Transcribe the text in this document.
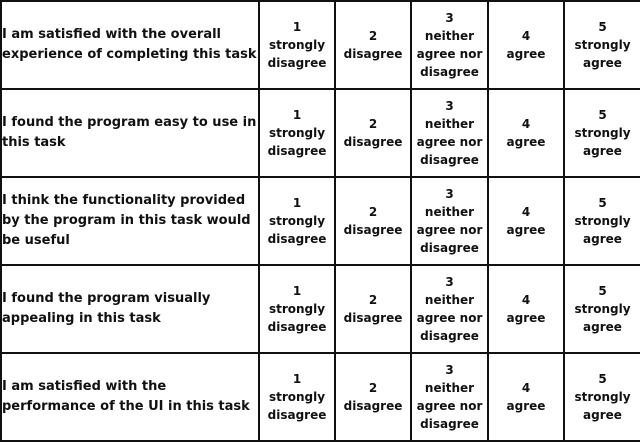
I am satisfied with the overall experience of completing this task	1
strongly
disagree	2
disagree	3
neither
agree nor
disagree	4
agree	5
strongly
agree

I found the program easy to use in this task	1
strongly
disagree	2
disagree	3
neither
agree nor
disagree	4
agree	5
strongly
agree

I think the functionality provided by the program in this task would be useful	1
strongly
disagree	2
disagree	3
neither
agree nor
disagree	4
agree	5
strongly
agree

I found the program visually appealing in this task	1
strongly
disagree	2
disagree	3
neither
agree nor
disagree	4
agree	5
strongly
agree

I am satisfied with the performance of the UI in this task	1
strongly
disagree	2
disagree	3
neither
agree nor
disagree	4
agree	5
strongly
agree
